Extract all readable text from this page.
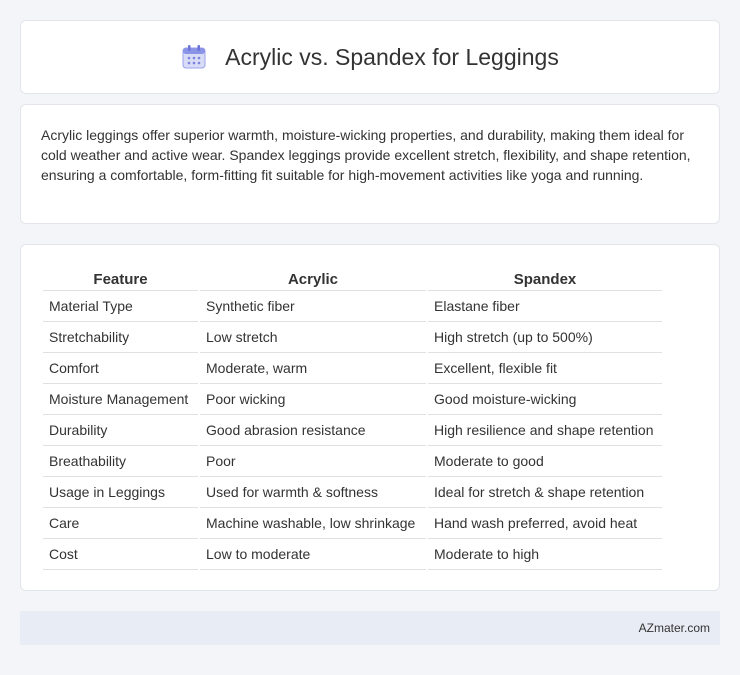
Acrylic vs. Spandex for Leggings

Acrylic leggings offer superior warmth, moisture-wicking properties, and durability, making them ideal for cold weather and active wear. Spandex leggings provide excellent stretch, flexibility, and shape retention, ensuring a comfortable, form-fitting fit suitable for high-movement activities like yoga and running.

Feature	Acrylic	Spandex
Material Type	Synthetic fiber	Elastane fiber
Stretchability	Low stretch	High stretch (up to 500%)
Comfort	Moderate, warm	Excellent, flexible fit
Moisture Management	Poor wicking	Good moisture-wicking
Durability	Good abrasion resistance	High resilience and shape retention
Breathability	Poor	Moderate to good
Usage in Leggings	Used for warmth & softness	Ideal for stretch & shape retention
Care	Machine washable, low shrinkage	Hand wash preferred, avoid heat
Cost	Low to moderate	Moderate to high
AZmater.com
